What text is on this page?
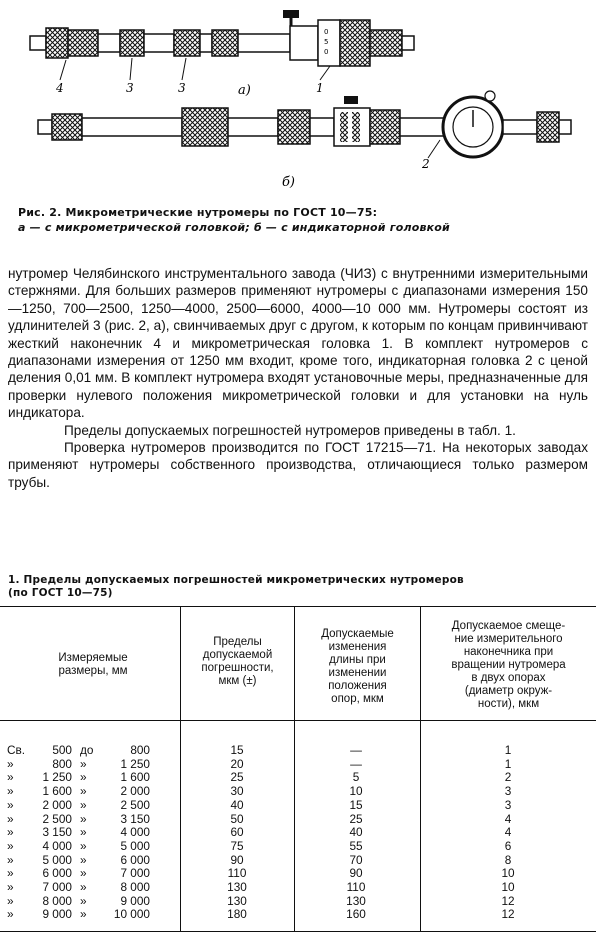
0
5
0
4	3	3	1
а)
2
б)
Рис. 2. Микрометрические нутромеры по ГОСТ 10—75:
а — с микрометрической головкой; б — с индикаторной головкой

нутромер Челябинского инструментального завода (ЧИЗ) с внутренними измерительными стержнями. Для больших размеров применяют нутромеры с диапазонами измерения 150—1250, 700—2500, 1250—4000, 2500—6000, 4000—10 000 мм. Нутромеры состоят из удлинителей 3 (рис. 2, а), свинчиваемых друг с другом, к которым по концам привинчивают жесткий наконечник 4 и микрометрическая головка 1. В комплект нутромеров с диапазонами измерения от 1250 мм входит, кроме того, индикаторная головка 2 с ценой деления 0,01 мм. В комплект нутромера входят установочные меры, предназначенные для проверки нулевого положения микрометрической головки и для установки на нуль индикатора.

Пределы допускаемых погрешностей нутромеров приведены в табл. 1.

Проверка нутромеров производится по ГОСТ 17215—71. На некоторых заводах применяют нутромеры собственного производства, отличающиеся только размером трубы.

1. Пределы допускаемых погрешностей микрометрических нутромеров
(по ГОСТ 10—75)
Измеряемые
размеры, мм
Пределы
допускаемой
погрешности,
мкм (±)
Допускаемые
изменения
длины при
изменении
положения
опор, мкм
Допускаемое смеще-
ние измерительного
наконечника при
вращении нутромера
в двух опорах
(диаметр окруж-
ности), мкм
Св.	500 до	800	15	—	1
»	800 »	1 250	20	—	1
»	1 250 »	1 600	25	5	2
»	1 600 »	2 000	30	10	3
»	2 000 »	2 500	40	15	3
»	2 500 »	3 150	50	25	4
»	3 150 »	4 000	60	40	4
»	4 000 »	5 000	75	55	6
»	5 000 »	6 000	90	70	8
»	6 000 »	7 000	110	90	10
»	7 000 »	8 000	130	110	10
»	8 000 »	9 000	130	130	12
»	9 000 »	10 000	180	160	12
